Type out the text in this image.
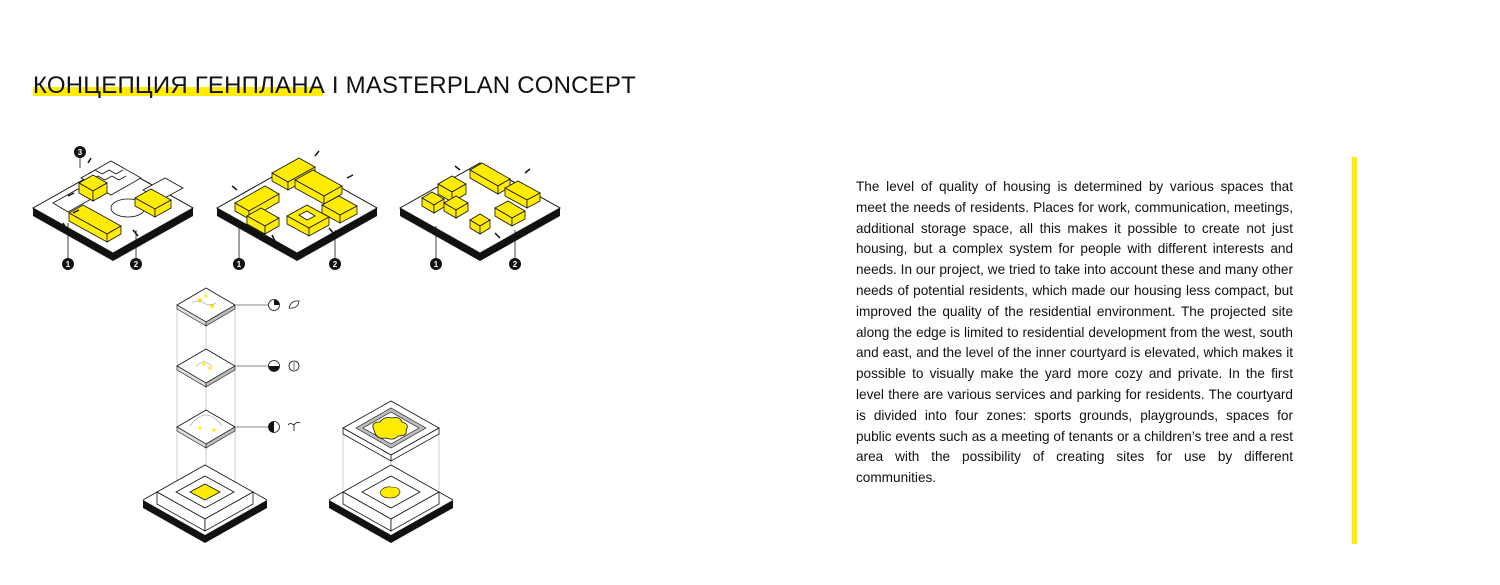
КОНЦЕПЦИЯ ГЕНПЛАНА I MASTERPLAN CONCEPT
3
1	2	1	2	1	2

The level of quality of housing is determined by various spaces that meet the needs of residents. Places for work, communication, meetings, additional storage space, all this makes it possible to create not just housing, but a complex system for people with different interests and needs. In our project, we tried to take into account these and many other needs of potential residents, which made our housing less compact, but improved the quality of the residential environment. The projected site along the edge is limited to residential development from the west, south and east, and the level of the inner courtyard is elevated, which makes it possible to visually make the yard more cozy and private. In the first level there are various services and parking for residents. The courtyard is divided into four zones: sports grounds, playgrounds, spaces for public events such as a meeting of tenants or a children’s tree and a rest area with the possibility of creating sites for use by different communities.
